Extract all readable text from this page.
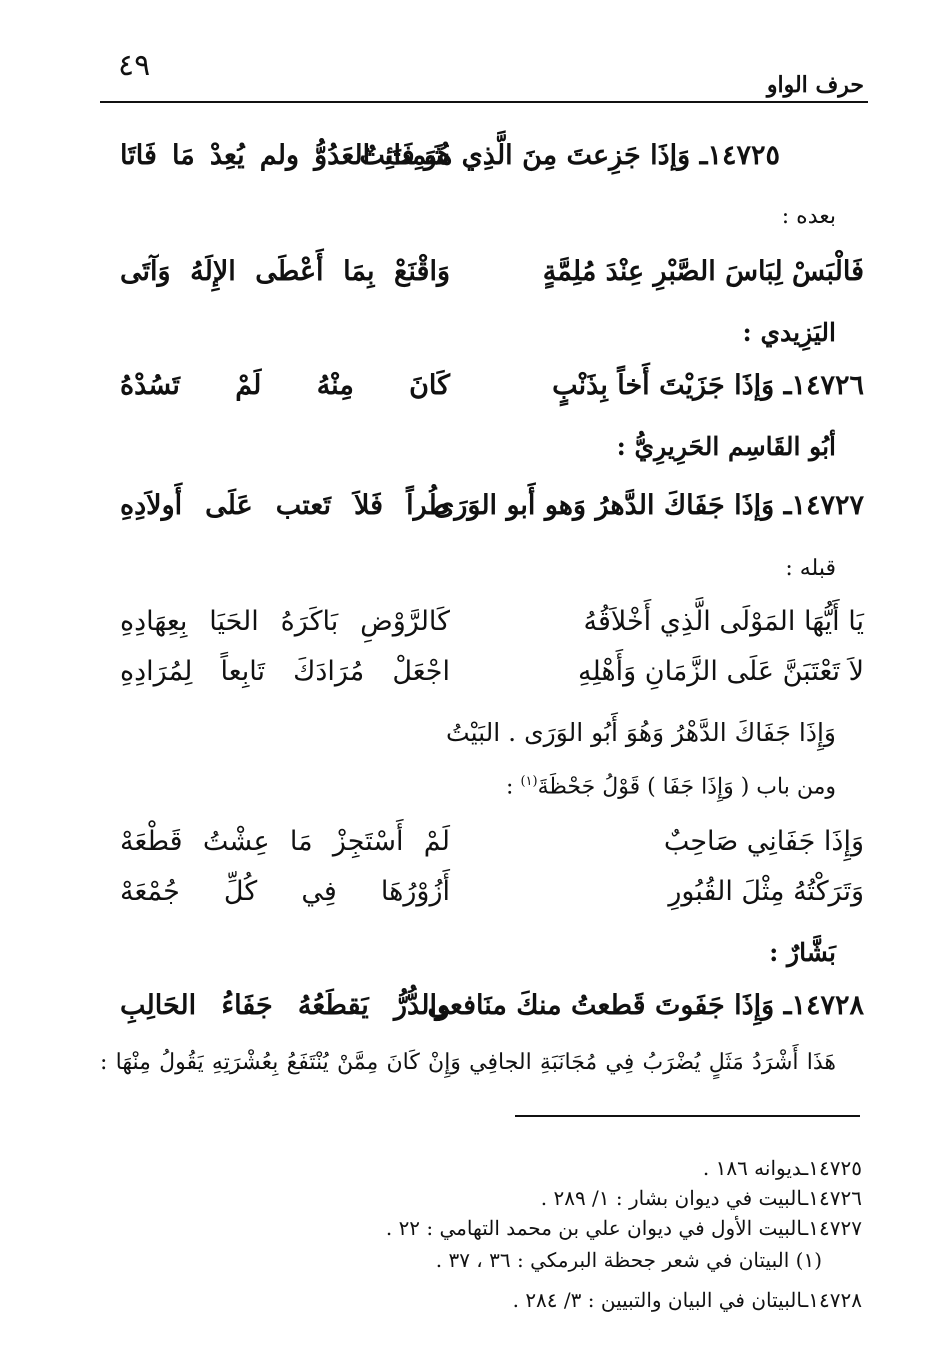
٤٩
حرف الواو
١٤٧٢٥ـ وَإذَا جَزِعتَ مِنَ الَّذِي هُوَ فَائِتٌ
شَمِتَ العَدُوُّ ولم يُعِدْ مَا فَاتَا
بعده :
فَالْبَسْ لِبَاسَ الصَّبْرِ عِنْدَ مُلِمَّةٍ
وَاقْنَعْ بِمَا أَعْطَى الإِلَهُ وَآتَى
اليَزِيدي :
١٤٧٢٦ـ وَإذَا جَزَيْتَ أَخاً بِذَنْبٍ
كَانَ مِنْهُ لَمْ تَسُدْهُ
أبُو القَاسِم الحَرِيرِيُّ :
١٤٧٢٧ـ وَإذَا جَفَاكَ الدَّهرُ وَهو أَبو الوَرَى
طُراً فَلاَ تَعتب عَلَى أَولاَدِهِ
قبله :
يَا أَيُّهَا المَوْلَى الَّذِي أَخْلاَقُهُ
كَالرَّوْضِ بَاكَرَهُ الحَيَا بِعِهَادِهِ
لاَ تَعْتَبَنَّ عَلَى الزَّمَانِ وَأَهْلِهِ
اجْعَلْ مُرَادَكَ تَابِعاً لِمُرَادِهِ
وَإِذَا جَفَاكَ الدَّهْرُ وَهُوَ أَبُو الوَرَى . البَيْتُ
ومن باب ( وَإِذَا جَفَا ) قَوْلُ جَحْظَةَ$^{(١)}$ :
وَإِذَا جَفَانِي صَاحِبٌ
لَمْ أَسْتَجِزْ مَا عِشْتُ قَطْعَهْ
وَتَرَكْتُهُ مِثْلَ القُبُورِ
أَزُوْرُهَا فِي كُلِّ جُمْعَهْ
بَشَّارٌ :
١٤٧٢٨ـ وَإِذَا جَفَوتَ قَطعتُ منكَ منَافعي
والدُّرُّ يَقطَعُهُ جَفَاءُ الحَالِبِ
هَذَا أَشْرَدُ مَثَلٍ يُضْرَبُ فِي مُجَانَبَةِ الجافِي وَإِنْ كَانَ مِمَّنْ يُنْتَفَعُ بِعُشْرَتِهِ يَقُولُ مِنْهَا :
١٤٧٢٥ـديوانه ١٨٦ .
١٤٧٢٦ـالبيت في ديوان بشار : ١/ ٢٨٩ .
١٤٧٢٧ـالبيت الأول في ديوان علي بن محمد التهامي : ٢٢ .
(١) البيتان في شعر جحظة البرمكي : ٣٦ ، ٣٧ .
١٤٧٢٨ـالبيتان في البيان والتبيين : ٣/ ٢٨٤ .
